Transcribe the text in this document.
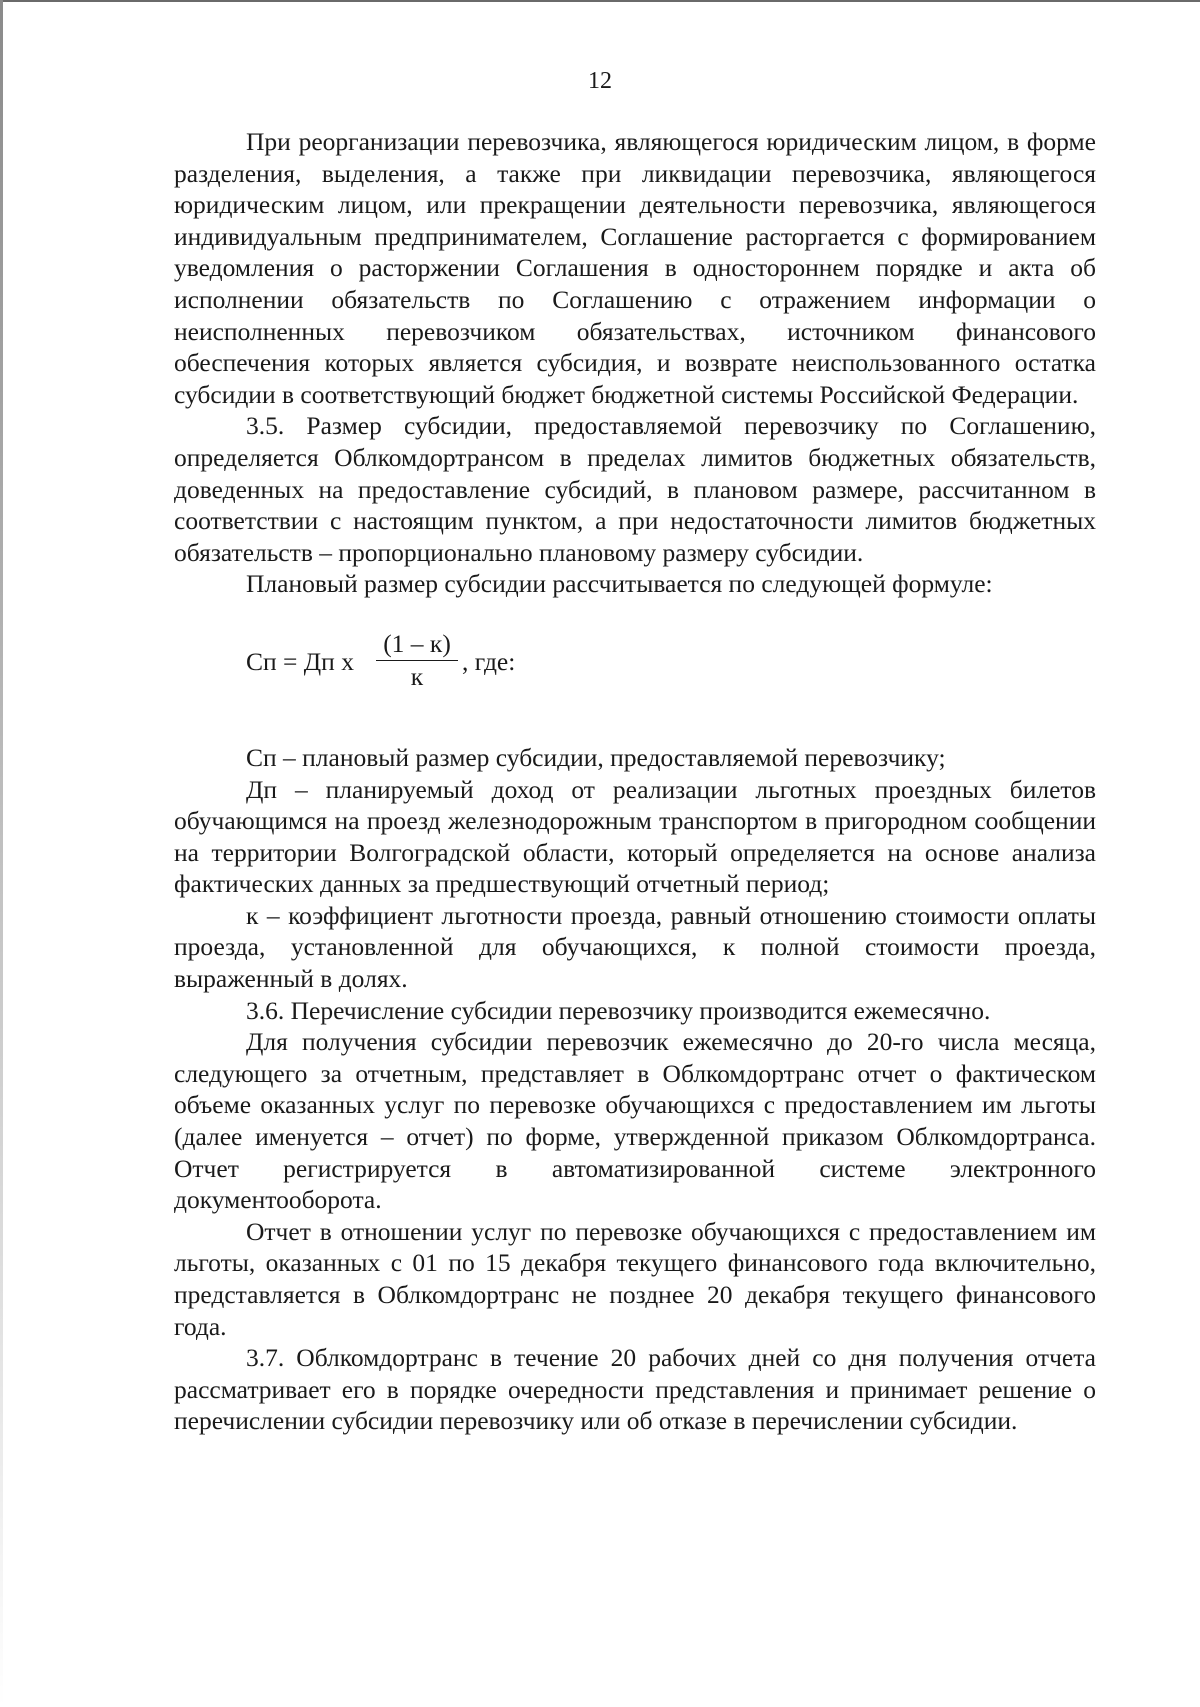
12

При реорганизации перевозчика, являющегося юридическим лицом, в форме разделения, выделения, а также при ликвидации перевозчика, являющегося юридическим лицом, или прекращении деятельности перевозчика, являющегося индивидуальным предпринимателем, Соглашение расторгается с формированием уведомления о расторжении Соглашения в одностороннем порядке и акта об исполнении обязательств по Соглашению с отражением информации о неисполненных перевозчиком обязательствах, источником финансового обеспечения которых является субсидия, и возврате неиспользованного остатка субсидии в соответствующий бюджет бюджетной системы Российской Федерации.

3.5. Размер субсидии, предоставляемой перевозчику по Соглашению, определяется Облкомдортрансом в пределах лимитов бюджетных обязательств, доведенных на предоставление субсидий, в плановом размере, рассчитанном в соответствии с настоящим пунктом, а при недостаточности лимитов бюджетных обязательств – пропорционально плановому размеру субсидии.

Плановый размер субсидии рассчитывается по следующей формуле:

Сп = Дп x
(1 – к)
к
, где:

Сп – плановый размер субсидии, предоставляемой перевозчику;

Дп – планируемый доход от реализации льготных проездных билетов обучающимся на проезд железнодорожным транспортом в пригородном сообщении на территории Волгоградской области, который определяется на основе анализа фактических данных за предшествующий отчетный период;

к – коэффициент льготности проезда, равный отношению стоимости оплаты проезда, установленной для обучающихся, к полной стоимости проезда, выраженный в долях.

3.6. Перечисление субсидии перевозчику производится ежемесячно.

Для получения субсидии перевозчик ежемесячно до 20-го числа месяца, следующего за отчетным, представляет в Облкомдортранс отчет о фактическом объеме оказанных услуг по перевозке обучающихся с предоставлением им льготы (далее именуется – отчет) по форме, утвержденной приказом Облкомдортранса. Отчет регистрируется в автоматизированной системе электронного документооборота.

Отчет в отношении услуг по перевозке обучающихся с предоставлением им льготы, оказанных с 01 по 15 декабря текущего финансового года включительно, представляется в Облкомдортранс не позднее 20 декабря текущего финансового года.

3.7. Облкомдортранс в течение 20 рабочих дней со дня получения отчета рассматривает его в порядке очередности представления и принимает решение о перечислении субсидии перевозчику или об отказе в перечислении субсидии.
